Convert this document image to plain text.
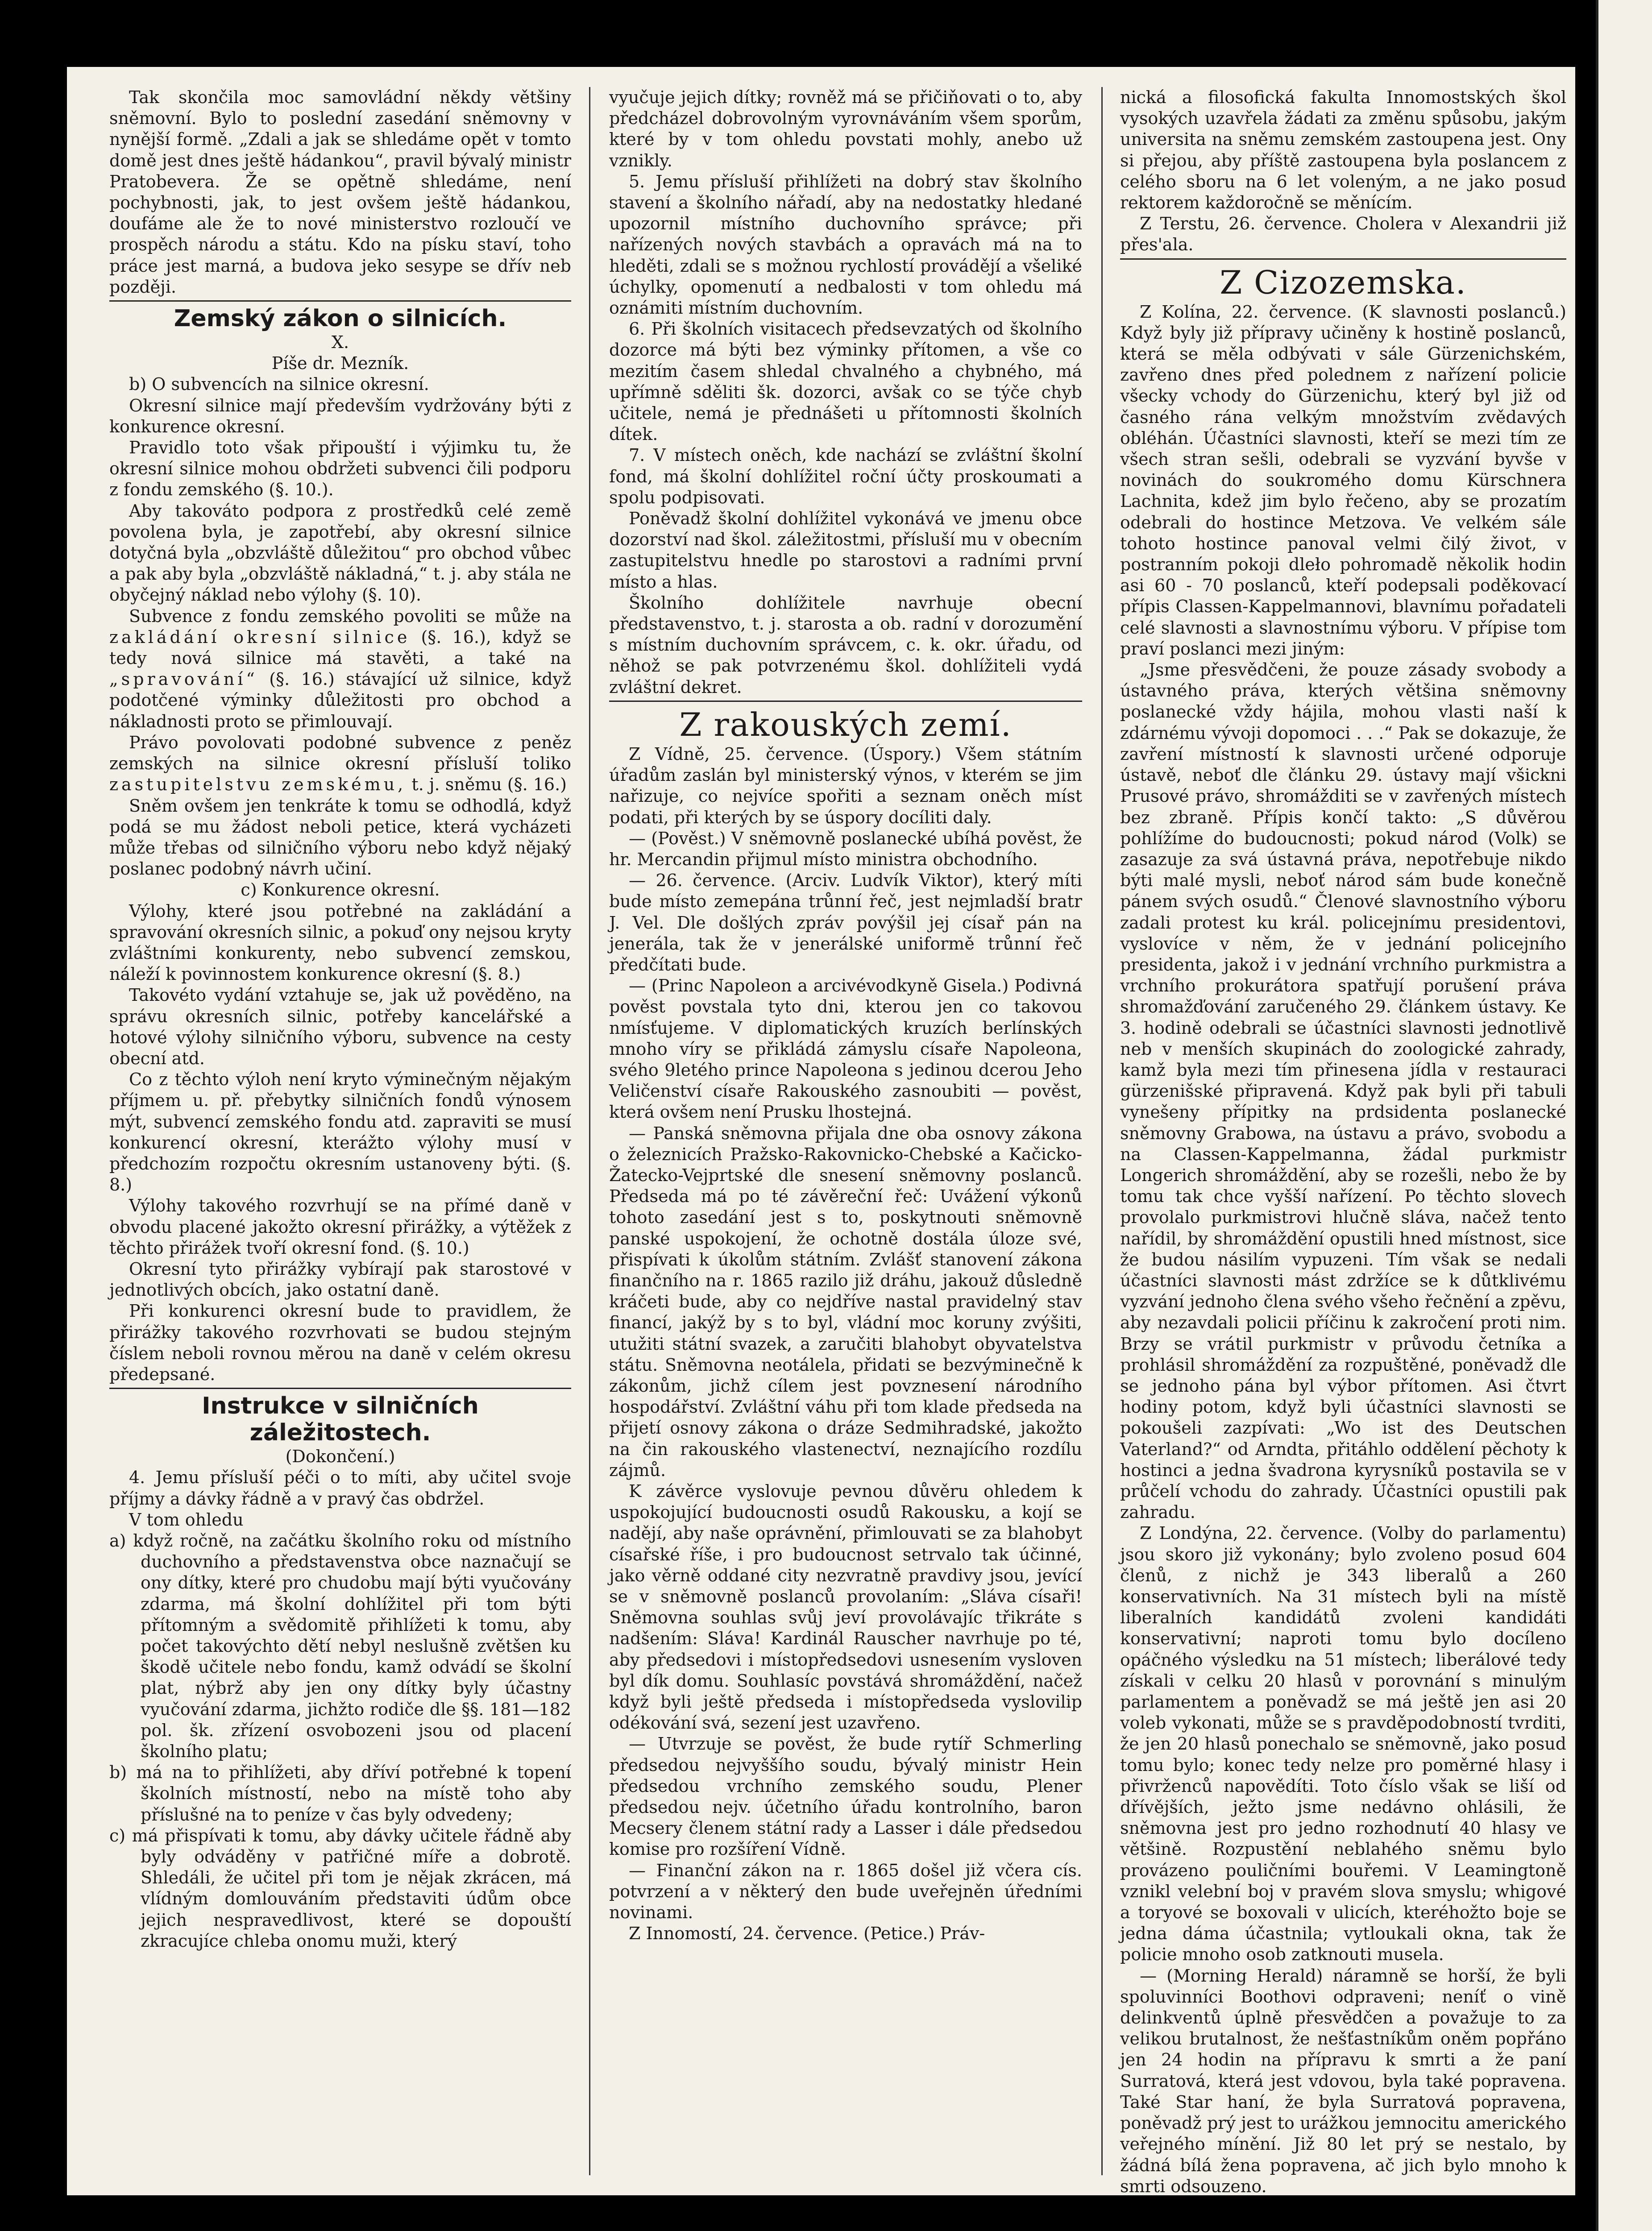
Tak skončila moc samovládní někdy většiny sněmovní. Bylo to poslední zasedání sněmovny v nynější formě. „Zdali a jak se shledáme opět v tomto domě jest dnes ještě hádankou“, pravil bývalý ministr Pratobevera. Že se opětně shledáme, není pochybnosti, jak, to jest ovšem ještě hádankou, doufáme ale že to nové ministerstvo rozloučí ve prospěch národu a státu. Kdo na písku staví, toho práce jest marná, a budova jeko sesype se dřív neb později.

Zemský zákon o silnicích.

X.

Píše dr. Mezník.

b) O subvencích na silnice okresní.

Okresní silnice mají především vydržovány býti z konkurence okresní.

Pravidlo toto však připouští i výjimku tu, že okresní silnice mohou obdržeti subvenci čili podporu z fondu zemského (§. 10.).

Aby takováto podpora z prostředků celé země povolena byla, je zapotřebí, aby okresní silnice dotyčná byla „obzvláště důležitou“ pro obchod vůbec a pak aby byla „obzvláště nákladná,“ t. j. aby stála ne obyčejný náklad nebo výlohy (§. 10).

Subvence z fondu zemského povoliti se může na zakládání okresní silnice (§. 16.), když se tedy nová silnice má stavěti, a také na „spravování“ (§. 16.) stávající už silnice, když podotčené výminky důležitosti pro obchod a nákladnosti proto se přimlouvají.

Právo povolovati podobné subvence z peněz zemských na silnice okresní přísluší toliko zastupitelstvu zemskému, t. j. sněmu (§. 16.)

Sněm ovšem jen tenkráte k tomu se odhodlá, když podá se mu žádost neboli petice, která vycházeti může třebas od silničního výboru nebo když nějaký poslanec podobný návrh učiní.

c) Konkurence okresní.

Výlohy, které jsou potřebné na zakládání a spravování okresních silnic, a pokuď ony nejsou kryty zvláštními konkurenty, nebo subvencí zemskou, náleží k povinnostem konkurence okresní (§. 8.)

Takovéto vydání vztahuje se, jak už pověděno, na správu okresních silnic, potřeby kancelářské a hotové výlohy silničního výboru, subvence na cesty obecní atd.

Co z těchto výloh není kryto výminečným nějakým příjmem u. př. přebytky silničních fondů výnosem mýt, subvencí zemského fondu atd. zapraviti se musí konkurencí okresní, kterážto výlohy musí v předchozím rozpočtu okresním ustanoveny býti. (§. 8.)

Výlohy takového rozvrhují se na přímé daně v obvodu placené jakožto okresní přirážky, a výtěžek z těchto přirážek tvoří okresní fond. (§. 10.)

Okresní tyto přirážky vybírají pak starostové v jednotlivých obcích, jako ostatní daně.

Při konkurenci okresní bude to pravidlem, že přirážky takového rozvrhovati se budou stejným číslem neboli rovnou měrou na daně v celém okresu předepsané.

Instrukce v silničních záležitostech.

(Dokončení.)

4. Jemu přísluší péči o to míti, aby učitel svoje příjmy a dávky řádně a v pravý čas obdržel.

V tom ohledu

a) když ročně, na začátku školního roku od místního duchovního a představenstva obce naznačují se ony dítky, které pro chudobu mají býti vyučovány zdarma, má školní dohlížitel při tom býti přítomným a svědomitě přihlížeti k tomu, aby počet takovýchto dětí nebyl neslušně zvětšen ku škodě učitele nebo fondu, kamž odvádí se školní plat, nýbrž aby jen ony dítky byly účastny vyučování zdarma, jichžto rodiče dle §§. 181—182 pol. šk. zřízení osvobozeni jsou od placení školního platu;

b) má na to přihlížeti, aby dříví potřebné k topení školních místností, nebo na místě toho aby příslušné na to peníze v čas byly odvedeny;

c) má přispívati k tomu, aby dávky učitele řádně aby byly odváděny v patřičné míře a dobrotě. Shledáli, že učitel při tom je nějak zkrácen, má vlídným domlouváním představiti údům obce jejich nespravedlivost, které se dopouští zkracujíce chleba onomu muži, který

vyučuje jejich dítky; rovněž má se přičiňovati o to, aby předcházel dobrovolným vyrovnáváním všem sporům, které by v tom ohledu povstati mohly, anebo už vznikly.

5. Jemu přísluší přihlížeti na dobrý stav školního stavení a školního nářadí, aby na nedostatky hledané upozornil místního duchovního správce; při nařízených nových stavbách a opravách má na to hleděti, zdali se s možnou rychlostí provádějí a všeliké úchylky, opomenutí a nedbalosti v tom ohledu má oznámiti místním duchovním.

6. Při školních visitacech předsevzatých od školního dozorce má býti bez výminky přítomen, a vše co mezitím časem shledal chvalného a chybného, má upřímně sděliti šk. dozorci, avšak co se týče chyb učitele, nemá je přednášeti u přítomnosti školních dítek.

7. V místech oněch, kde nachází se zvláštní školní fond, má školní dohlížitel roční účty proskoumati a spolu podpisovati.

Poněvadž školní dohlížitel vykonává ve jmenu obce dozorství nad škol. záležitostmi, přísluší mu v obecním zastupitelstvu hnedle po starostovi a radními první místo a hlas.

Školního dohlížitele navrhuje obecní představenstvo, t. j. starosta a ob. radní v dorozumění s místním duchovním správcem, c. k. okr. úřadu, od něhož se pak potvrzenému škol. dohlížiteli vydá zvláštní dekret.

Z rakouských zemí.

Z Vídně, 25. července. (Úspory.) Všem státním úřadům zaslán byl ministerský výnos, v kterém se jim nařizuje, co nejvíce spořiti a seznam oněch míst podati, při kterých by se úspory docíliti daly.

— (Pověst.) V sněmovně poslanecké ubíhá pověst, že hr. Mercandin přijmul místo ministra obchodního.

— 26. července. (Arciv. Ludvík Viktor), který míti bude místo zemepána trůnní řeč, jest nejmladší bratr J. Vel. Dle došlých zpráv povýšil jej císař pán na jenerála, tak že v jenerálské uniformě trůnní řeč předčítati bude.

— (Princ Napoleon a arcivévodkyně Gisela.) Podivná pověst povstala tyto dni, kterou jen co takovou nmísťujeme. V diplomatických kruzích berlínských mnoho víry se přikládá zámyslu císaře Napoleona, svého 9letého prince Napoleona s jedinou dcerou Jeho Veličenství císaře Rakouského zasnoubiti — pověst, která ovšem není Prusku lhostejná.

— Panská sněmovna přijala dne oba osnovy zákona o železnicích Pražsko-Rakovnicko-Chebské a Kačicko-Žatecko-Vejprtské dle snesení sněmovny poslanců. Předseda má po té závěreční řeč: Uvážení výkonů tohoto zasedání jest s to, poskytnouti sněmovně panské uspokojení, že ochotně dostála úloze své, přispívati k úkolům státním. Zvlášť stanovení zákona finančního na r. 1865 razilo již dráhu, jakouž důsledně kráčeti bude, aby co nejdříve nastal pravidelný stav financí, jakýž by s to byl, vládní moc koruny zvýšiti, utužiti státní svazek, a zaručiti blahobyt obyvatelstva státu. Sněmovna neotálela, přidati se bezvýminečně k zákonům, jichž cílem jest povznesení národního hospodářství. Zvláštní váhu při tom klade předseda na přijetí osnovy zákona o dráze Sedmihradské, jakožto na čin rakouského vlastenectví, neznajícího rozdílu zájmů.

K závěrce vyslovuje pevnou důvěru ohledem k uspokojující budoucnosti osudů Rakousku, a kojí se nadějí, aby naše oprávnění, přimlouvati se za blahobyt císařské říše, i pro budoucnost setrvalo tak účinné, jako věrně oddané city nezvratně pravdivy jsou, jevící se v sněmovně poslanců provolaním: „Sláva císaři! Sněmovna souhlas svůj jeví provolávajíc třikráte s nadšením: Sláva! Kardinál Rauscher navrhuje po té, aby předsedovi i místopředsedovi usnesením vysloven byl dík domu. Souhlasíc povstává shromáždění, načež když byli ještě předseda i místopředseda vyslovilip odékování svá, sezení jest uzavřeno.

— Utvrzuje se pověst, že bude rytíř Schmerling předsedou nejvyššího soudu, bývalý ministr Hein předsedou vrchního zemského soudu, Plener předsedou nejv. účetního úřadu kontrolního, baron Mecsery členem státní rady a Lasser i dále předsedou komise pro rozšíření Vídně.

— Finanční zákon na r. 1865 došel již včera cís. potvrzení a v některý den bude uveřejněn úředními novinami.

Z Innomostí, 24. července. (Petice.) Práv-

nická a filosofická fakulta Innomostských škol vysokých uzavřela žádati za změnu spůsobu, jakým universita na sněmu zemském zastoupena jest. Ony si přejou, aby příště zastoupena byla poslancem z celého sboru na 6 let voleným, a ne jako posud rektorem každoročně se měnícím.

Z Terstu, 26. července. Cholera v Alexandrii již přes'ala.

Z Cizozemska.

Z Kolína, 22. července. (K slavnosti poslanců.) Když byly již přípravy učiněny k hostině poslanců, která se měla odbývati v sále Gürzenichském, zavřeno dnes před polednem z nařízení policie všecky vchody do Gürzenichu, který byl již od časného rána velkým množstvím zvědavých obléhán. Účastníci slavnosti, kteří se mezi tím ze všech stran sešli, odebrali se vyzvání byvše v novinách do soukromého domu Kürschnera Lachnita, kdež jim bylo řečeno, aby se prozatím odebrali do hostince Metzova. Ve velkém sále tohoto hostince panoval velmi čilý život, v postranním pokoji dleło pohromadě několik hodin asi 60 - 70 poslanců, kteří podepsali poděkovací přípis Classen-Kappelmannovi, blavnímu pořadateli celé slavnosti a slavnostnímu výboru. V přípise tom praví poslanci mezi jiným:

„Jsme přesvědčeni, že pouze zásady svobody a ústavného práva, kterých většina sněmovny poslanecké vždy hájila, mohou vlasti naší k zdárnému vývoji dopomoci . . .“ Pak se dokazuje, že zavření místností k slavnosti určené odporuje ústavě, neboť dle článku 29. ústavy mají všickni Prusové právo, shromážditi se v zavřených místech bez zbraně. Přípis končí takto: „S důvěrou pohlížíme do budoucnosti; pokud národ (Volk) se zasazuje za svá ústavná práva, nepotřebuje nikdo býti malé mysli, neboť národ sám bude konečně pánem svých osudů.“ Členové slavnostního výboru zadali protest ku král. policejnímu presidentovi, vyslovíce v něm, že v jednání policejního presidenta, jakož i v jednání vrchního purkmistra a vrchního prokurátora spatřují porušení práva shromažďování zaručeného 29. článkem ústavy. Ke 3. hodině odebrali se účastníci slavnosti jednotlivě neb v menších skupinách do zoologické zahrady, kamž byla mezi tím přinesena jídla v restauraci gürzenišské připravená. Když pak byli při tabuli vynešeny přípitky na prdsidenta poslanecké sněmovny Grabowa, na ústavu a právo, svobodu a na Classen-Kappelmanna, žádal purkmistr Longerich shromáždění, aby se rozešli, nebo že by tomu tak chce vyšší nařízení. Po těchto slovech provolalo purkmistrovi hlučně sláva, načež tento nařídil, by shromáždění opustili hned místnost, sice že budou násilím vypuzeni. Tím však se nedali účastníci slavnosti mást zdržíce se k důtklivému vyzvání jednoho člena svého všeho řečnění a zpěvu, aby nezavdali policii příčinu k zakročení proti nim. Brzy se vrátil purkmistr v průvodu četníka a prohlásil shromáždění za rozpuštěné, poněvadž dle se jednoho pána byl výbor přítomen. Asi čtvrt hodiny potom, když byli účastníci slavnosti se pokoušeli zazpívati: „Wo ist des Deutschen Vaterland?“ od Arndta, přitáhlo oddělení pěchoty k hostinci a jedna švadrona kyrysníků postavila se v průčelí vchodu do zahrady. Účastníci opustili pak zahradu.

Z Londýna, 22. července. (Volby do parlamentu) jsou skoro již vykonány; bylo zvoleno posud 604 členů, z nichž je 343 liberalů a 260 konservativních. Na 31 místech byli na místě liberalních kandidátů zvoleni kandidáti konservativní; naproti tomu bylo docíleno opáčného výsledku na 51 místech; liberálové tedy získali v celku 20 hlasů v porovnání s minulým parlamentem a poněvadž se má ještě jen asi 20 voleb vykonati, může se s pravděpodobností tvrditi, že jen 20 hlasů ponechalo se sněmovně, jako posud tomu bylo; konec tedy nelze pro poměrné hlasy i přivrženců napovědíti. Toto číslo však se liší od dřívějších, ježto jsme nedávno ohlásili, že sněmovna jest pro jedno rozhodnutí 40 hlasy ve většině. Rozpustění neblahého sněmu bylo provázeno pouličními bouřemi. V Leamingtoně vznikl velební boj v pravém slova smyslu; whigové a toryové se boxovali v ulicích, kteréhožto boje se jedna dáma účastnila; vytloukali okna, tak že policie mnoho osob zatknouti musela.

— (Morning Herald) náramně se horší, že byli spoluvinníci Boothovi odpraveni; neníť o vině delinkventů úplně přesvědčen a považuje to za velikou brutalnost, že nešťastníkům oněm popřáno jen 24 hodin na přípravu k smrti a že paní Surratová, která jest vdovou, byla také popravena. Také Star haní, že byla Surratová popravena, poněvadž prý jest to urážkou jemnocitu amerického veřejného mínění. Již 80 let prý se nestalo, by žádná bílá žena popravena, ač jich bylo mnoho k smrti odsouzeno.
